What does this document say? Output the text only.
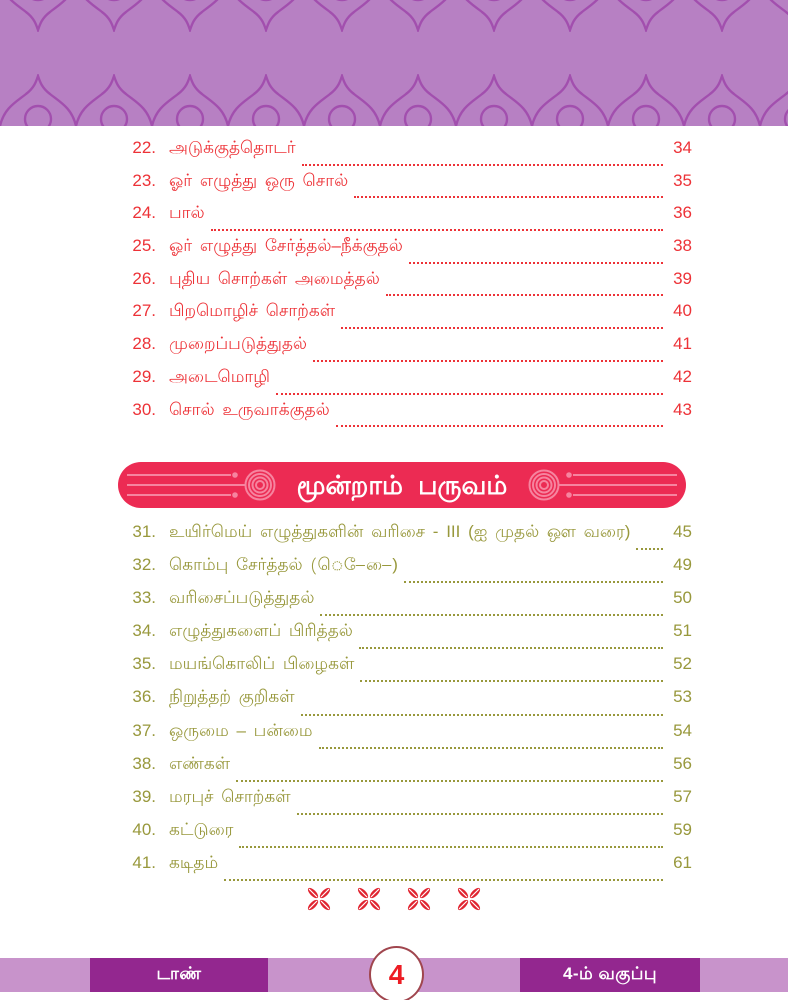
22. அடுக்குத்தொடர்	34
23. ஓர் எழுத்து ஒரு சொல்	35
24. பால்	36
25. ஓர் எழுத்து சேர்த்தல்–நீக்குதல்	38
26. புதிய சொற்கள் அமைத்தல்	39
27. பிறமொழிச் சொற்கள்	40
28. முறைப்படுத்துதல்	41
29. அடைமொழி	42
30. சொல் உருவாக்குதல்	43
மூன்றாம் பருவம்
31. உயிர்மெய் எழுத்துகளின் வரிசை - III (ஐ முதல் ஔ வரை)	45
32. கொம்பு சேர்த்தல் (ெ–ே–ை)	49
33. வரிசைப்படுத்துதல்	50
34. எழுத்துகளைப் பிரித்தல்	51
35. மயங்கொலிப் பிழைகள்	52
36. நிறுத்தற் குறிகள்	53
37. ஒருமை – பன்மை	54
38. எண்கள்	56
39. மரபுச் சொற்கள்	57
40. கட்டுரை	59
41. கடிதம்	61
டாண்	4-ம் வகுப்பு
4
